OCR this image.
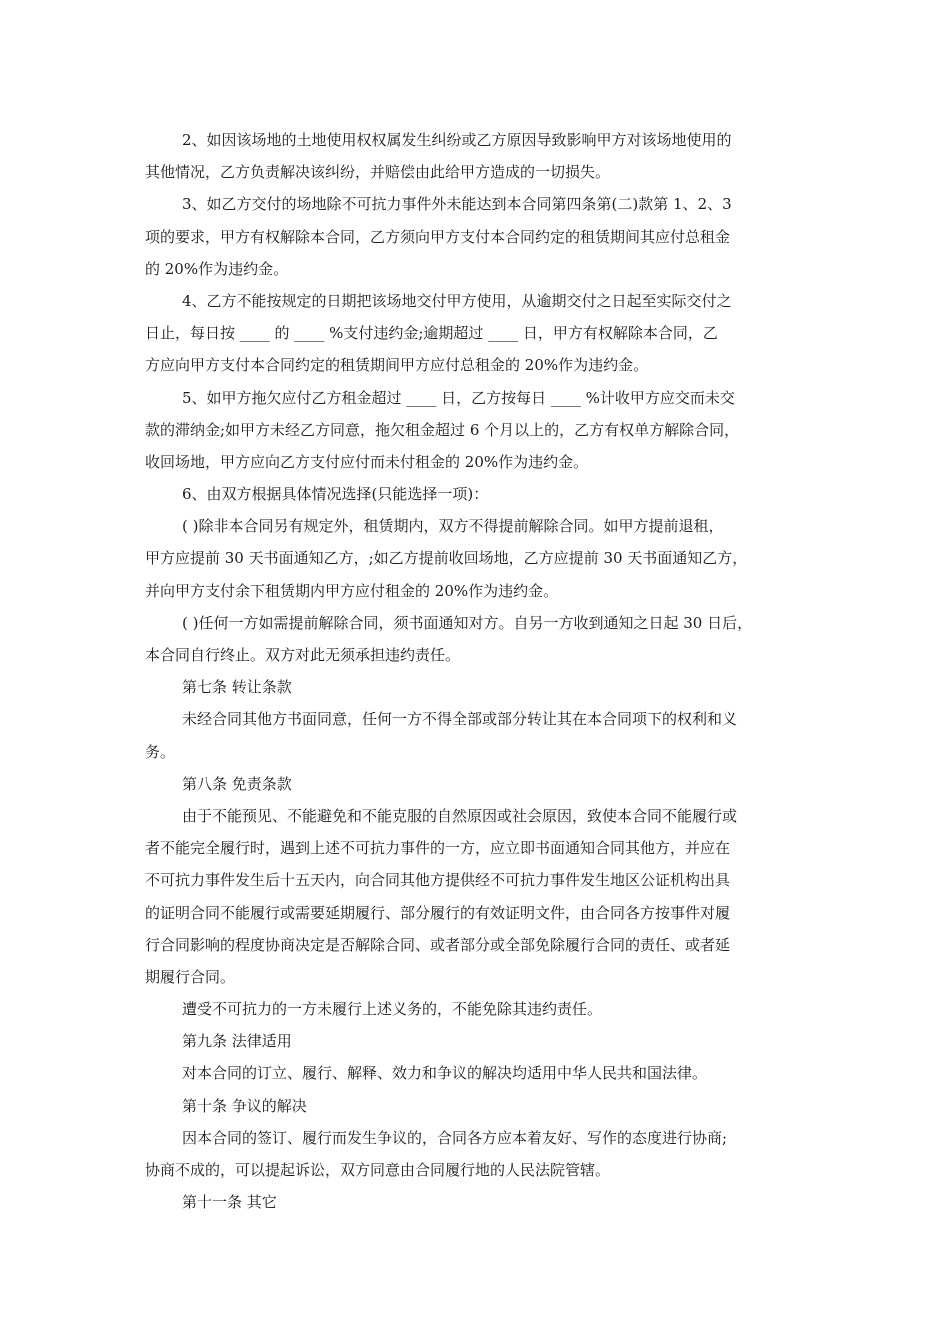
2、如因该场地的土地使用权权属发生纠纷或乙方原因导致影响甲方对该场地使用的
其他情况，乙方负责解决该纠纷，并赔偿由此给甲方造成的一切损失。
3、如乙方交付的场地除不可抗力事件外未能达到本合同第四条第(二)款第 1、2、3
项的要求，甲方有权解除本合同，乙方须向甲方支付本合同约定的租赁期间其应付总租金
的 20%作为违约金。
4、乙方不能按规定的日期把该场地交付甲方使用，从逾期交付之日起至实际交付之
日止，每日按 ____ 的 ____ %支付违约金;逾期超过 ____ 日，甲方有权解除本合同，乙
方应向甲方支付本合同约定的租赁期间甲方应付总租金的 20%作为违约金。
5、如甲方拖欠应付乙方租金超过 ____ 日，乙方按每日 ____ %计收甲方应交而未交
款的滞纳金;如甲方未经乙方同意，拖欠租金超过 6 个月以上的，乙方有权单方解除合同，
收回场地，甲方应向乙方支付应付而未付租金的 20%作为违约金。
6、由双方根据具体情况选择(只能选择一项)：
( )除非本合同另有规定外，租赁期内，双方不得提前解除合同。如甲方提前退租，
甲方应提前 30 天书面通知乙方，;如乙方提前收回场地，乙方应提前 30 天书面通知乙方，
并向甲方支付余下租赁期内甲方应付租金的 20%作为违约金。
( )任何一方如需提前解除合同，须书面通知对方。自另一方收到通知之日起 30 日后，
本合同自行终止。双方对此无须承担违约责任。
第七条 转让条款
未经合同其他方书面同意，任何一方不得全部或部分转让其在本合同项下的权利和义
务。
第八条 免责条款
由于不能预见、不能避免和不能克服的自然原因或社会原因，致使本合同不能履行或
者不能完全履行时，遇到上述不可抗力事件的一方，应立即书面通知合同其他方，并应在
不可抗力事件发生后十五天内，向合同其他方提供经不可抗力事件发生地区公证机构出具
的证明合同不能履行或需要延期履行、部分履行的有效证明文件，由合同各方按事件对履
行合同影响的程度协商决定是否解除合同、或者部分或全部免除履行合同的责任、或者延
期履行合同。
遭受不可抗力的一方未履行上述义务的，不能免除其违约责任。
第九条 法律适用
对本合同的订立、履行、解释、效力和争议的解决均适用中华人民共和国法律。
第十条 争议的解决
因本合同的签订、履行而发生争议的，合同各方应本着友好、写作的态度进行协商;
协商不成的，可以提起诉讼，双方同意由合同履行地的人民法院管辖。
第十一条 其它
